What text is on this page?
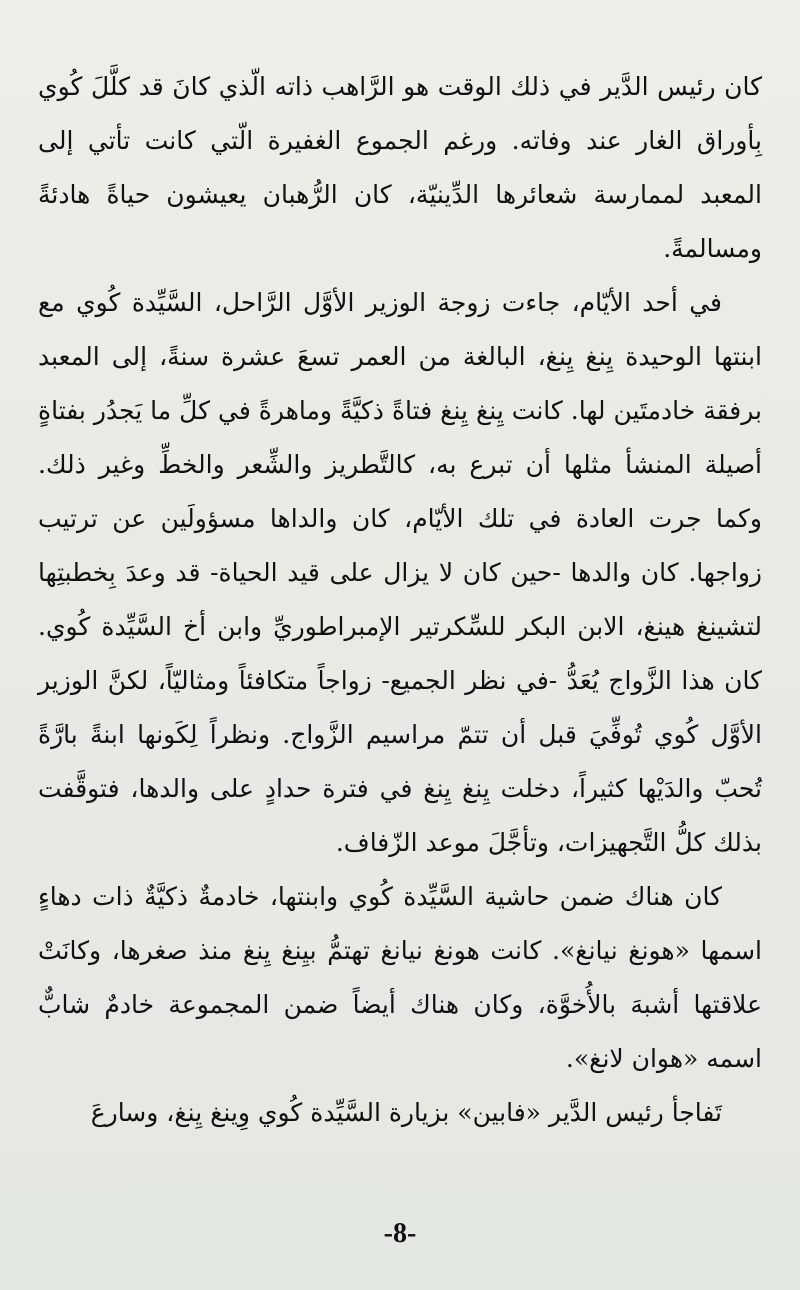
كان رئيس الدَّير في ذلك الوقت هو الرَّاهب ذاته الّذي كانَ قد كلَّلَ كُوي بِأوراق الغار عند وفاته. ورغم الجموع الغفيرة الّتي كانت تأتي إلى المعبد لممارسة شعائرها الدِّينيّة، كان الرُّهبان يعيشون حياةً هادئةً ومسالمةً.

في أحد الأيّام، جاءت زوجة الوزير الأوَّل الرَّاحل، السَّيِّدة كُوي مع ابنتها الوحيدة يِنغ يِنغ، البالغة من العمر تسعَ عشرة سنةً، إلى المعبد برفقة خادمتَين لها. كانت يِنغ يِنغ فتاةً ذكيَّةً وماهرةً في كلِّ ما يَجدُر بفتاةٍ أصيلة المنشأ مثلها أن تبرع به، كالتَّطريز والشِّعر والخطِّ وغير ذلك. وكما جرت العادة في تلك الأيّام، كان والداها مسؤولَين عن ترتيب زواجها. كان والدها -حين كان لا يزال على قيد الحياة- قد وعدَ بِخطبتِها لتشينغ هينغ، الابن البكر للسِّكرتير الإمبراطوريِّ وابن أخ السَّيِّدة كُوي. كان هذا الزَّواج يُعَدُّ -في نظر الجميع- زواجاً متكافئاً ومثاليّاً، لكنَّ الوزير الأوَّل كُوي تُوفِّيَ قبل أن تتمّ مراسيم الزَّواج. ونظراً لِكَونها ابنةً بارَّةً تُحبّ والدَيْها كثيراً، دخلت يِنغ يِنغ في فترة حدادٍ على والدها، فتوقَّفت بذلك كلُّ التَّجهيزات، وتأجَّلَ موعد الزّفاف.

كان هناك ضمن حاشية السَّيِّدة كُوي وابنتها، خادمةٌ ذكيَّةٌ ذات دهاءٍ اسمها «هونغ نيانغ». كانت هونغ نيانغ تهتمُّ بيِنغ يِنغ منذ صغرها، وكانَتْ علاقتها أشبهَ بالأُخوَّة، وكان هناك أيضاً ضمن المجموعة خادمٌ شابٌّ اسمه «هوان لانغ».

تَفاجأ رئيس الدَّير «فابين» بزيارة السَّيِّدة كُوي وِينغ يِنغ، وسارعَ

-8-
